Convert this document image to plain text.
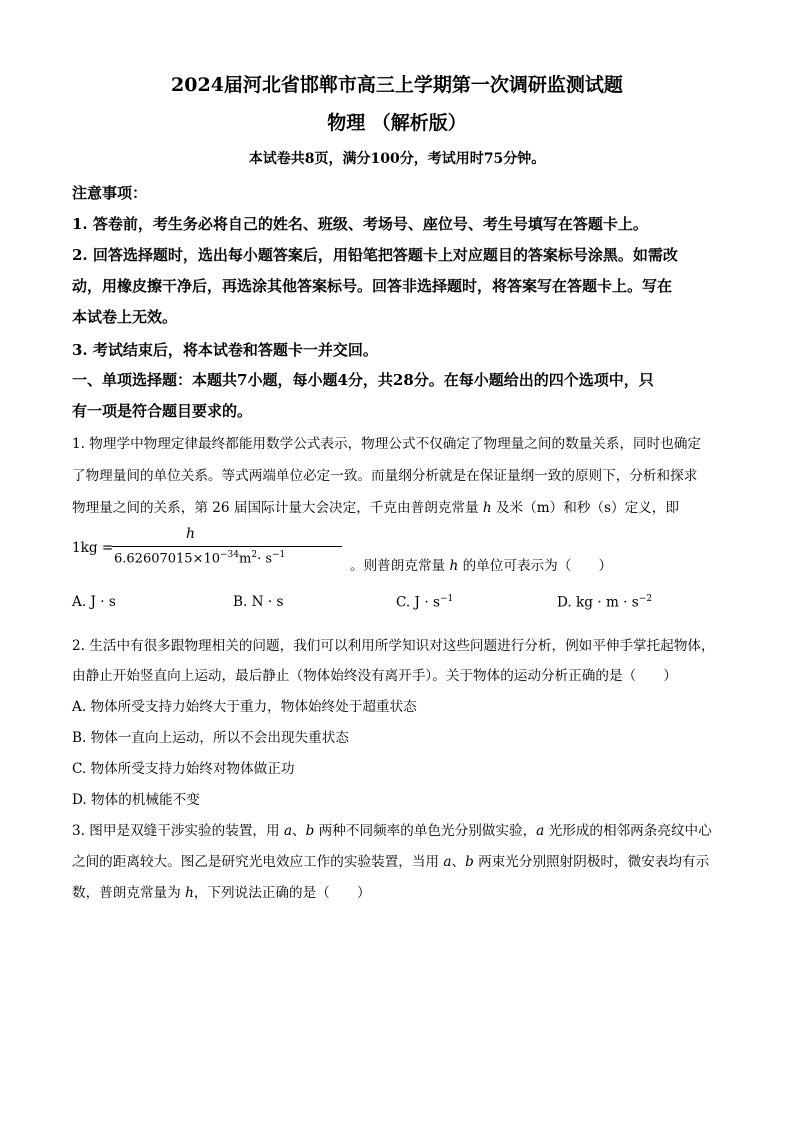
2024届河北省邯郸市高三上学期第一次调研监测试题
物理 （解析版）
本试卷共8页，满分100分，考试用时75分钟。
注意事项：
1. 答卷前，考生务必将自己的姓名、班级、考场号、座位号、考生号填写在答题卡上。
2. 回答选择题时，选出每小题答案后，用铅笔把答题卡上对应题目的答案标号涂黑。如需改
动，用橡皮擦干净后，再选涂其他答案标号。回答非选择题时，将答案写在答题卡上。写在
本试卷上无效。
3. 考试结束后，将本试卷和答题卡一并交回。
一、单项选择题：本题共7小题，每小题4分，共28分。在每小题给出的四个选项中，只
有一项是符合题目要求的。
1. 物理学中物理定律最终都能用数学公式表示，物理公式不仅确定了物理量之间的数量关系，同时也确定
了物理量间的单位关系。等式两端单位必定一致。而量纲分析就是在保证量纲一致的原则下，分析和探求
物理量之间的关系，第 26 届国际计量大会决定，千克由普朗克常量 h 及米（m）和秒（s）定义，即
1kg =
h
$6.62607015\times 10^{-34}m^2\cdot s^{-1}$
。则普朗克常量 h 的单位可表示为（　　）
A. J · s	B. N · s	C. $J \cdot s^{-1}$	D. kg · $m \cdot s^{-2}$
2. 生活中有很多跟物理相关的问题，我们可以利用所学知识对这些问题进行分析，例如平伸手掌托起物体，
由静止开始竖直向上运动，最后静止（物体始终没有离开手）。关于物体的运动分析正确的是（　　）
A. 物体所受支持力始终大于重力，物体始终处于超重状态
B. 物体一直向上运动，所以不会出现失重状态
C. 物体所受支持力始终对物体做正功
D. 物体的机械能不变
3. 图甲是双缝干涉实验的装置，用 a、b 两种不同频率的单色光分别做实验，a 光形成的相邻两条亮纹中心
之间的距离较大。图乙是研究光电效应工作的实验装置，当用 a、b 两束光分别照射阴极时，微安表均有示
数，普朗克常量为 h，下列说法正确的是（　　）
